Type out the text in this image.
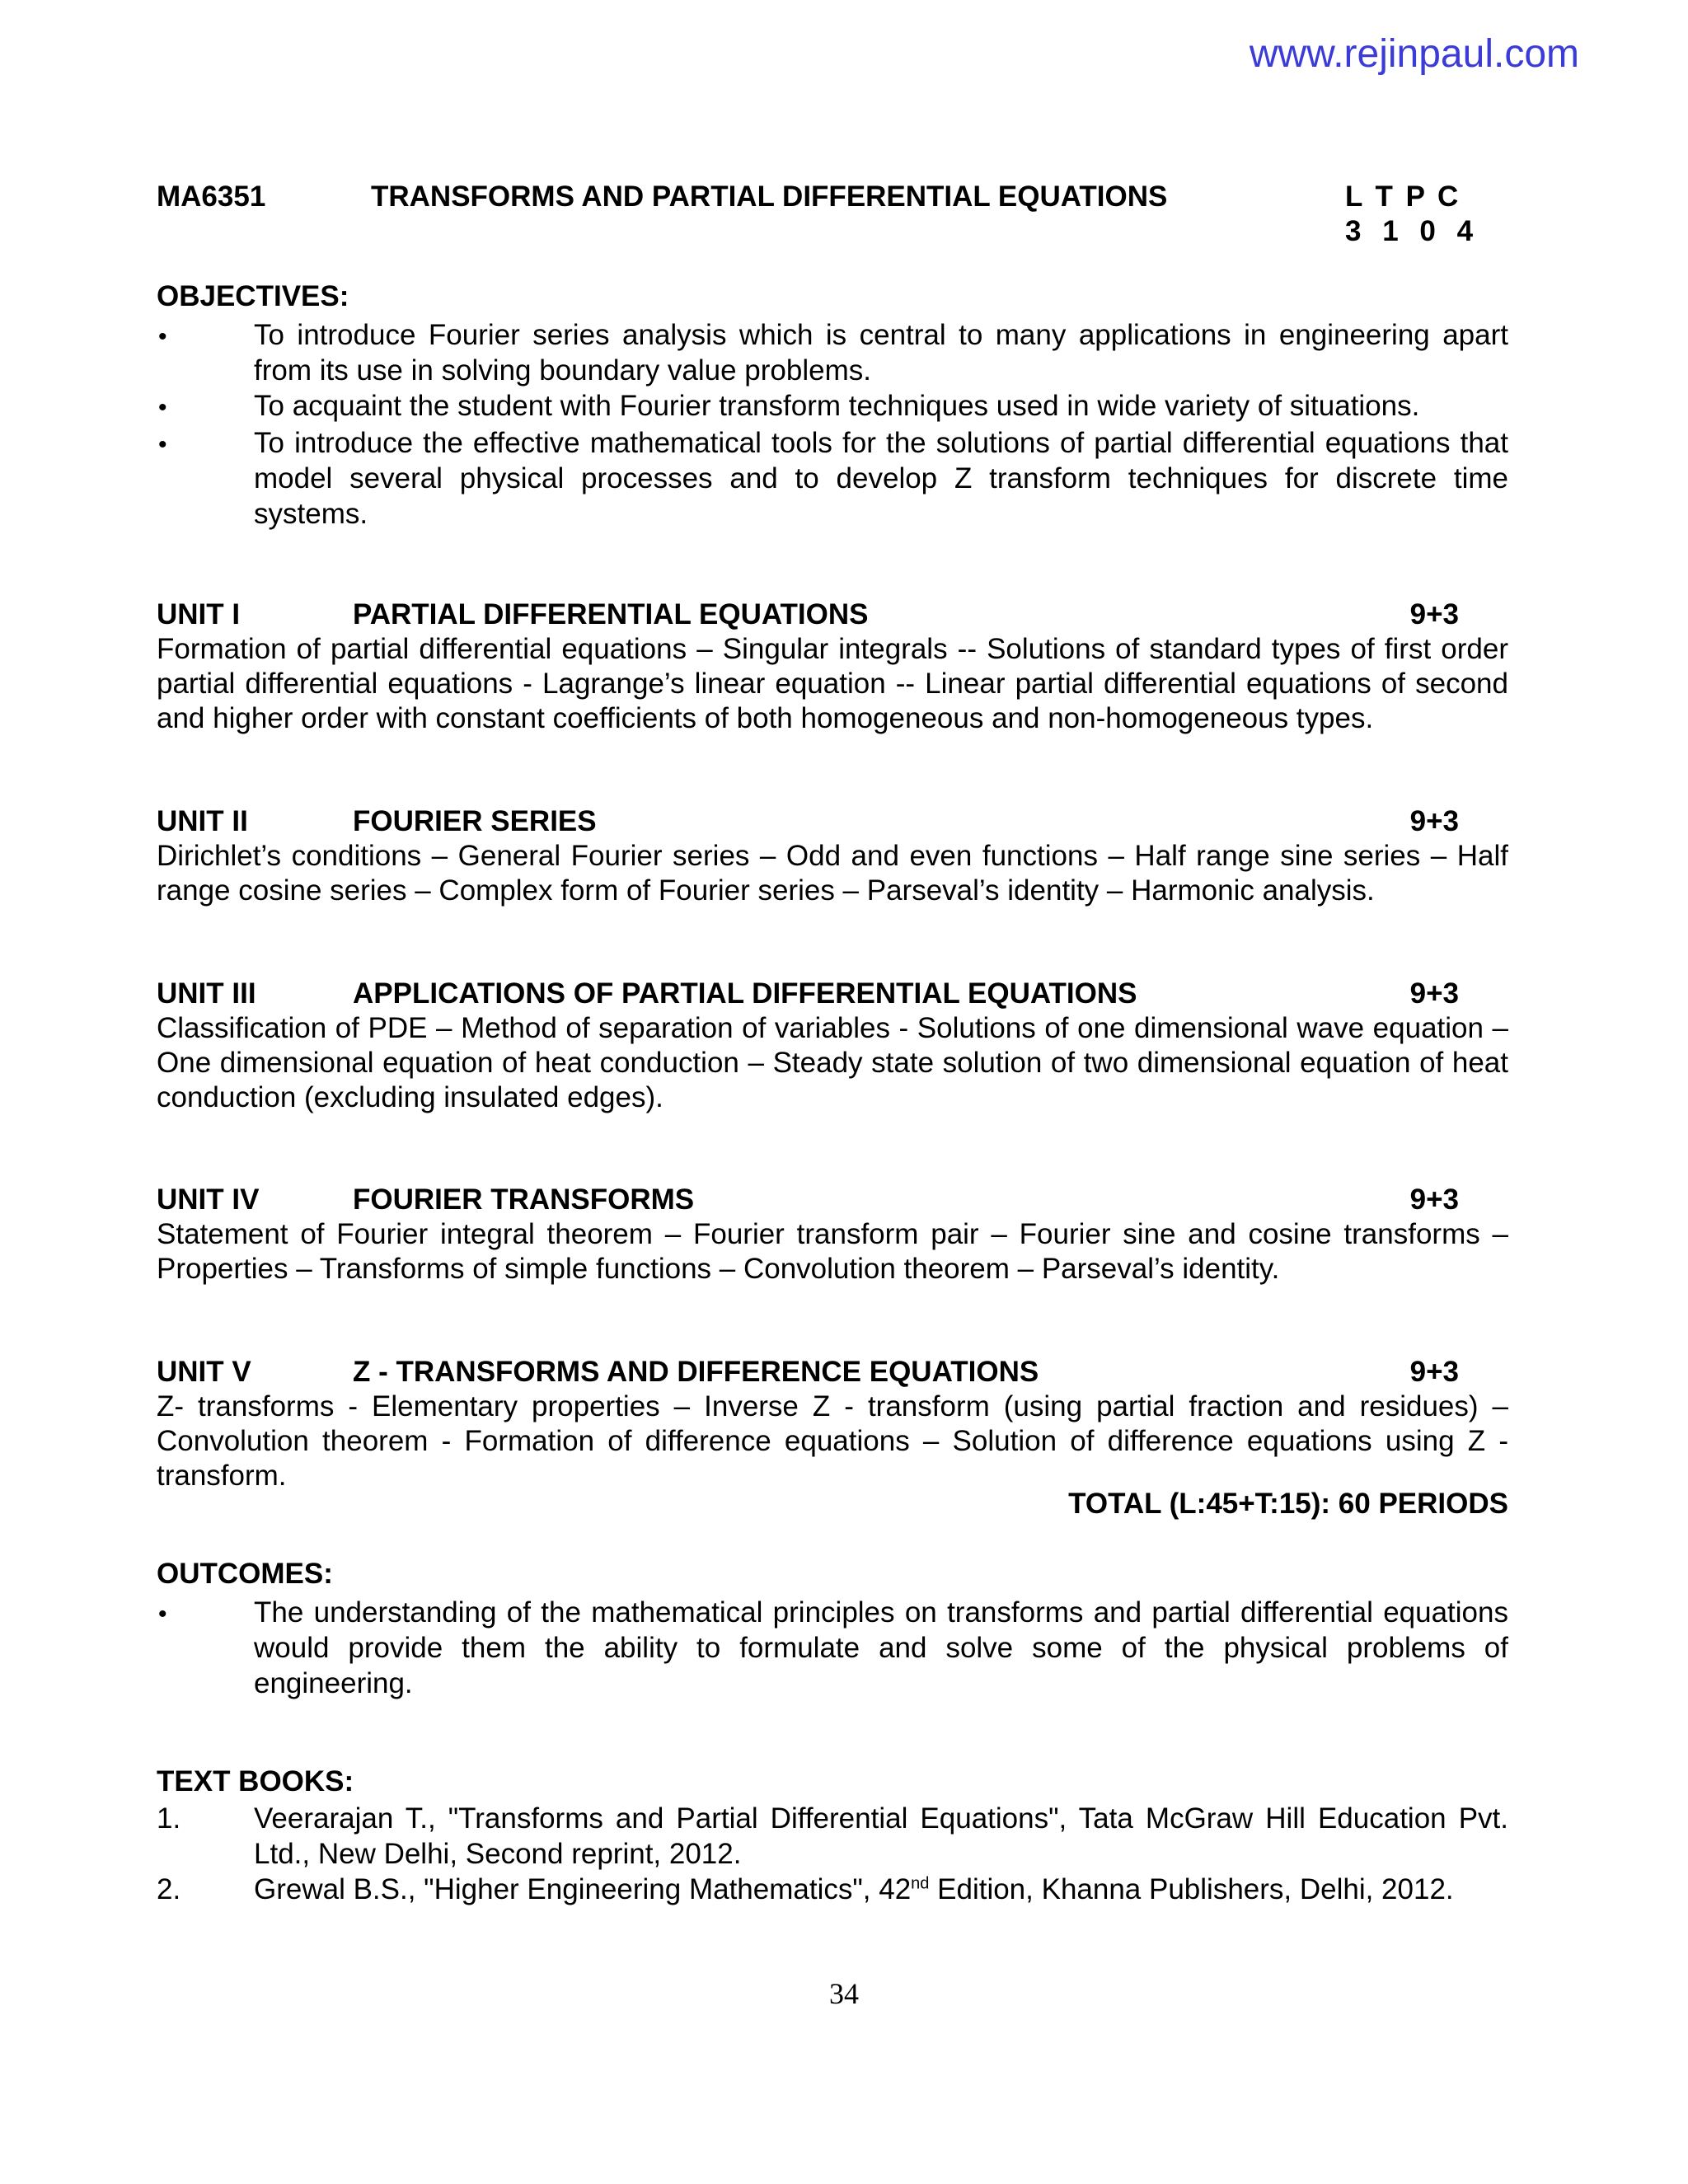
www.rejinpaul.com
MA6351	TRANSFORMS AND PARTIAL DIFFERENTIAL EQUATIONS	L T P C
3 1 0 4
OBJECTIVES:
•
To introduce Fourier series analysis which is central to many applications in engineering apart from its use in solving boundary value problems.
•
To acquaint the student with Fourier transform techniques used in wide variety of situations.
•
To introduce the effective mathematical tools for the solutions of partial differential equations that model several physical processes and to develop Z transform techniques for discrete time systems.
UNIT I	PARTIAL DIFFERENTIAL EQUATIONS	9+3
Formation of partial differential equations – Singular integrals -- Solutions of standard types of first order partial differential equations - Lagrange’s linear equation -- Linear partial differential equations of second and higher order with constant coefficients of both homogeneous and non-homogeneous types.
UNIT II	FOURIER SERIES	9+3
Dirichlet’s conditions – General Fourier series – Odd and even functions – Half range sine series – Half range cosine series – Complex form of Fourier series – Parseval’s identity – Harmonic analysis.
UNIT III	APPLICATIONS OF PARTIAL DIFFERENTIAL EQUATIONS	9+3
Classification of PDE – Method of separation of variables - Solutions of one dimensional wave equation – One dimensional equation of heat conduction – Steady state solution of two dimensional equation of heat conduction (excluding insulated edges).
UNIT IV	FOURIER TRANSFORMS	9+3
Statement of Fourier integral theorem – Fourier transform pair – Fourier sine and cosine transforms – Properties – Transforms of simple functions – Convolution theorem – Parseval’s identity.
UNIT V	Z - TRANSFORMS AND DIFFERENCE EQUATIONS	9+3
Z- transforms - Elementary properties – Inverse Z - transform (using partial fraction and residues) – Convolution theorem - Formation of difference equations – Solution of difference equations using Z - transform.
TOTAL (L:45+T:15): 60 PERIODS
OUTCOMES:
•
The understanding of the mathematical principles on transforms and partial differential equations would provide them the ability to formulate and solve some of the physical problems of engineering.
TEXT BOOKS:
1.	Veerarajan T., "Transforms and Partial Differential Equations", Tata McGraw Hill Education Pvt. Ltd., New Delhi, Second reprint, 2012.
2.	Grewal B.S., "Higher Engineering Mathematics", 42nd Edition, Khanna Publishers, Delhi, 2012.
34
